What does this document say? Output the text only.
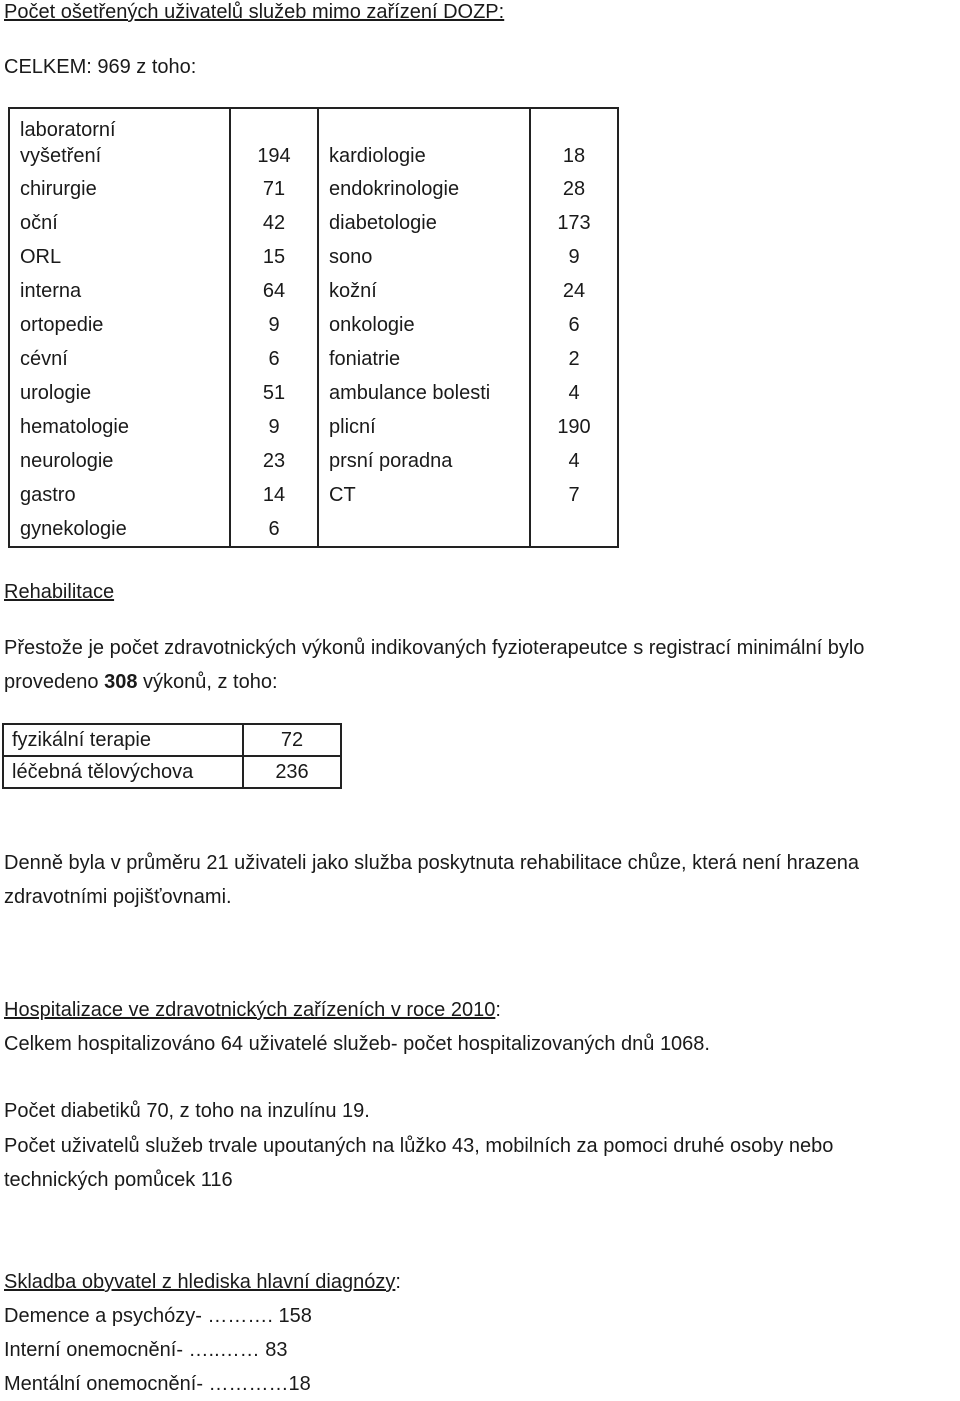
Počet ošetřených uživatelů služeb mimo zařízení DOZP:
CELKEM: 969 z toho:
laboratorní
vyšetření	194	kardiologie	18
chirurgie	71	endokrinologie	28
oční	42	diabetologie	173
ORL	15	sono	9
interna	64	kožní	24
ortopedie	9	onkologie	6
cévní	6	foniatrie	2
urologie	51	ambulance bolesti	4
hematologie	9	plicní	190
neurologie	23	prsní poradna	4
gastro	14	CT	7
gynekologie	6		
Rehabilitace
Přestože je počet zdravotnických výkonů indikovaných fyzioterapeutce s registrací minimální bylo
provedeno 308 výkonů, z toho:
fyzikální terapie	72
léčebná tělovýchova	236
Denně byla v průměru 21 uživateli jako služba poskytnuta rehabilitace chůze, která není hrazena
zdravotními pojišťovnami.
Hospitalizace ve zdravotnických zařízeních v roce 2010:
Celkem hospitalizováno 64 uživatelé služeb- počet hospitalizovaných dnů 1068.
Počet diabetiků 70, z toho na inzulínu 19.
Počet uživatelů služeb trvale upoutaných na lůžko 43, mobilních za pomoci druhé osoby nebo
technických pomůcek 116
Skladba obyvatel z hlediska hlavní diagnózy:
Demence a psychózy- ………. 158
Interní onemocnění- …..…… 83
Mentální onemocnění- …………18
